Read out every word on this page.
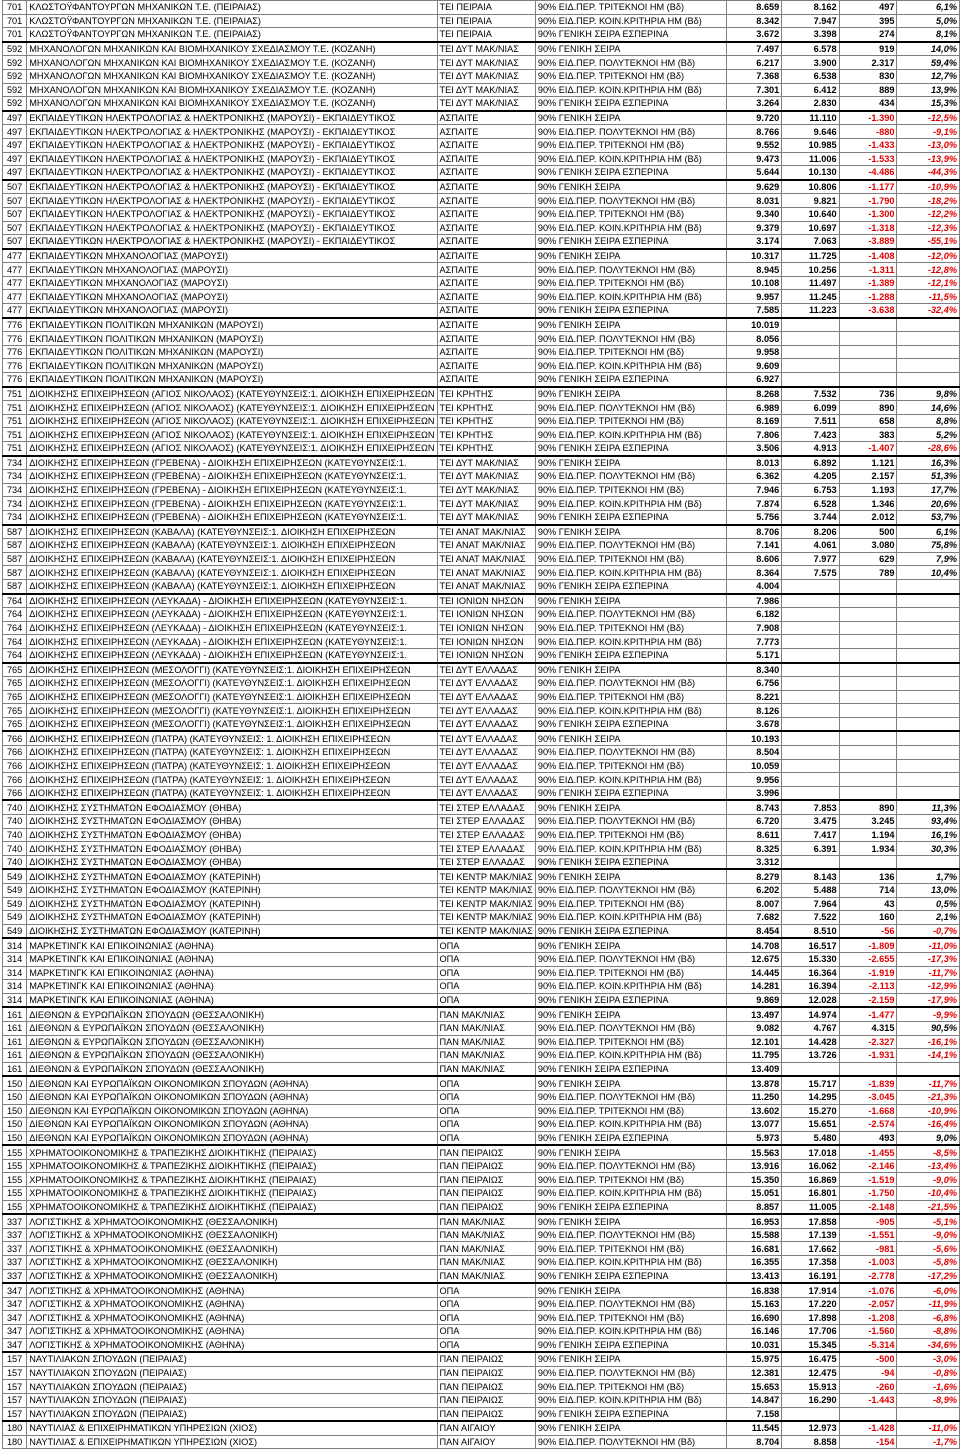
701	ΚΛΩΣΤΟΫΦΑΝΤΟΥΡΓΩΝ ΜΗΧΑΝΙΚΩΝ Τ.Ε. (ΠΕΙΡΑΙΑΣ)	ΤΕΙ ΠΕΙΡΑΙΑ	90% ΕΙΔ.ΠΕΡ. ΤΡΙΤΕΚΝΟΙ ΗΜ (Βδ)	8.659	8.162	497	6,1%
701	ΚΛΩΣΤΟΫΦΑΝΤΟΥΡΓΩΝ ΜΗΧΑΝΙΚΩΝ Τ.Ε. (ΠΕΙΡΑΙΑΣ)	ΤΕΙ ΠΕΙΡΑΙΑ	90% ΕΙΔ.ΠΕΡ. ΚΟΙΝ.ΚΡΙΤΗΡΙΑ ΗΜ (Βδ)	8.342	7.947	395	5,0%
701	ΚΛΩΣΤΟΫΦΑΝΤΟΥΡΓΩΝ ΜΗΧΑΝΙΚΩΝ Τ.Ε. (ΠΕΙΡΑΙΑΣ)	ΤΕΙ ΠΕΙΡΑΙΑ	90% ΓΕΝΙΚΗ ΣΕΙΡΑ ΕΣΠΕΡΙΝΑ	3.672	3.398	274	8,1%
592	ΜΗΧΑΝΟΛΟΓΩΝ ΜΗΧΑΝΙΚΩΝ ΚΑΙ ΒΙΟΜΗΧΑΝΙΚΟΥ ΣΧΕΔΙΑΣΜΟΥ Τ.Ε. (ΚΟΖΑΝΗ)	ΤΕΙ ΔΥΤ ΜΑΚ/ΝΙΑΣ	90% ΓΕΝΙΚΗ ΣΕΙΡΑ	7.497	6.578	919	14,0%
592	ΜΗΧΑΝΟΛΟΓΩΝ ΜΗΧΑΝΙΚΩΝ ΚΑΙ ΒΙΟΜΗΧΑΝΙΚΟΥ ΣΧΕΔΙΑΣΜΟΥ Τ.Ε. (ΚΟΖΑΝΗ)	ΤΕΙ ΔΥΤ ΜΑΚ/ΝΙΑΣ	90% ΕΙΔ.ΠΕΡ. ΠΟΛΥΤΕΚΝΟΙ ΗΜ (Βδ)	6.217	3.900	2.317	59,4%
592	ΜΗΧΑΝΟΛΟΓΩΝ ΜΗΧΑΝΙΚΩΝ ΚΑΙ ΒΙΟΜΗΧΑΝΙΚΟΥ ΣΧΕΔΙΑΣΜΟΥ Τ.Ε. (ΚΟΖΑΝΗ)	ΤΕΙ ΔΥΤ ΜΑΚ/ΝΙΑΣ	90% ΕΙΔ.ΠΕΡ. ΤΡΙΤΕΚΝΟΙ ΗΜ (Βδ)	7.368	6.538	830	12,7%
592	ΜΗΧΑΝΟΛΟΓΩΝ ΜΗΧΑΝΙΚΩΝ ΚΑΙ ΒΙΟΜΗΧΑΝΙΚΟΥ ΣΧΕΔΙΑΣΜΟΥ Τ.Ε. (ΚΟΖΑΝΗ)	ΤΕΙ ΔΥΤ ΜΑΚ/ΝΙΑΣ	90% ΕΙΔ.ΠΕΡ. ΚΟΙΝ.ΚΡΙΤΗΡΙΑ ΗΜ (Βδ)	7.301	6.412	889	13,9%
592	ΜΗΧΑΝΟΛΟΓΩΝ ΜΗΧΑΝΙΚΩΝ ΚΑΙ ΒΙΟΜΗΧΑΝΙΚΟΥ ΣΧΕΔΙΑΣΜΟΥ Τ.Ε. (ΚΟΖΑΝΗ)	ΤΕΙ ΔΥΤ ΜΑΚ/ΝΙΑΣ	90% ΓΕΝΙΚΗ ΣΕΙΡΑ ΕΣΠΕΡΙΝΑ	3.264	2.830	434	15,3%
497	ΕΚΠΑΙΔΕΥΤΙΚΩΝ ΗΛΕΚΤΡΟΛΟΓΙΑΣ & ΗΛΕΚΤΡΟΝΙΚΗΣ (ΜΑΡΟΥΣΙ) - ΕΚΠΑΙΔΕΥΤΙΚΟΣ	ΑΣΠΑΙΤΕ	90% ΓΕΝΙΚΗ ΣΕΙΡΑ	9.720	11.110	-1.390	-12,5%
497	ΕΚΠΑΙΔΕΥΤΙΚΩΝ ΗΛΕΚΤΡΟΛΟΓΙΑΣ & ΗΛΕΚΤΡΟΝΙΚΗΣ (ΜΑΡΟΥΣΙ) - ΕΚΠΑΙΔΕΥΤΙΚΟΣ	ΑΣΠΑΙΤΕ	90% ΕΙΔ.ΠΕΡ. ΠΟΛΥΤΕΚΝΟΙ ΗΜ (Βδ)	8.766	9.646	-880	-9,1%
497	ΕΚΠΑΙΔΕΥΤΙΚΩΝ ΗΛΕΚΤΡΟΛΟΓΙΑΣ & ΗΛΕΚΤΡΟΝΙΚΗΣ (ΜΑΡΟΥΣΙ) - ΕΚΠΑΙΔΕΥΤΙΚΟΣ	ΑΣΠΑΙΤΕ	90% ΕΙΔ.ΠΕΡ. ΤΡΙΤΕΚΝΟΙ ΗΜ (Βδ)	9.552	10.985	-1.433	-13,0%
497	ΕΚΠΑΙΔΕΥΤΙΚΩΝ ΗΛΕΚΤΡΟΛΟΓΙΑΣ & ΗΛΕΚΤΡΟΝΙΚΗΣ (ΜΑΡΟΥΣΙ) - ΕΚΠΑΙΔΕΥΤΙΚΟΣ	ΑΣΠΑΙΤΕ	90% ΕΙΔ.ΠΕΡ. ΚΟΙΝ.ΚΡΙΤΗΡΙΑ ΗΜ (Βδ)	9.473	11.006	-1.533	-13,9%
497	ΕΚΠΑΙΔΕΥΤΙΚΩΝ ΗΛΕΚΤΡΟΛΟΓΙΑΣ & ΗΛΕΚΤΡΟΝΙΚΗΣ (ΜΑΡΟΥΣΙ) - ΕΚΠΑΙΔΕΥΤΙΚΟΣ	ΑΣΠΑΙΤΕ	90% ΓΕΝΙΚΗ ΣΕΙΡΑ ΕΣΠΕΡΙΝΑ	5.644	10.130	-4.486	-44,3%
507	ΕΚΠΑΙΔΕΥΤΙΚΩΝ ΗΛΕΚΤΡΟΛΟΓΙΑΣ & ΗΛΕΚΤΡΟΝΙΚΗΣ (ΜΑΡΟΥΣΙ) - ΕΚΠΑΙΔΕΥΤΙΚΟΣ	ΑΣΠΑΙΤΕ	90% ΓΕΝΙΚΗ ΣΕΙΡΑ	9.629	10.806	-1.177	-10,9%
507	ΕΚΠΑΙΔΕΥΤΙΚΩΝ ΗΛΕΚΤΡΟΛΟΓΙΑΣ & ΗΛΕΚΤΡΟΝΙΚΗΣ (ΜΑΡΟΥΣΙ) - ΕΚΠΑΙΔΕΥΤΙΚΟΣ	ΑΣΠΑΙΤΕ	90% ΕΙΔ.ΠΕΡ. ΠΟΛΥΤΕΚΝΟΙ ΗΜ (Βδ)	8.031	9.821	-1.790	-18,2%
507	ΕΚΠΑΙΔΕΥΤΙΚΩΝ ΗΛΕΚΤΡΟΛΟΓΙΑΣ & ΗΛΕΚΤΡΟΝΙΚΗΣ (ΜΑΡΟΥΣΙ) - ΕΚΠΑΙΔΕΥΤΙΚΟΣ	ΑΣΠΑΙΤΕ	90% ΕΙΔ.ΠΕΡ. ΤΡΙΤΕΚΝΟΙ ΗΜ (Βδ)	9.340	10.640	-1.300	-12,2%
507	ΕΚΠΑΙΔΕΥΤΙΚΩΝ ΗΛΕΚΤΡΟΛΟΓΙΑΣ & ΗΛΕΚΤΡΟΝΙΚΗΣ (ΜΑΡΟΥΣΙ) - ΕΚΠΑΙΔΕΥΤΙΚΟΣ	ΑΣΠΑΙΤΕ	90% ΕΙΔ.ΠΕΡ. ΚΟΙΝ.ΚΡΙΤΗΡΙΑ ΗΜ (Βδ)	9.379	10.697	-1.318	-12,3%
507	ΕΚΠΑΙΔΕΥΤΙΚΩΝ ΗΛΕΚΤΡΟΛΟΓΙΑΣ & ΗΛΕΚΤΡΟΝΙΚΗΣ (ΜΑΡΟΥΣΙ) - ΕΚΠΑΙΔΕΥΤΙΚΟΣ	ΑΣΠΑΙΤΕ	90% ΓΕΝΙΚΗ ΣΕΙΡΑ ΕΣΠΕΡΙΝΑ	3.174	7.063	-3.889	-55,1%
477	ΕΚΠΑΙΔΕΥΤΙΚΩΝ ΜΗΧΑΝΟΛΟΓΙΑΣ (ΜΑΡΟΥΣΙ)	ΑΣΠΑΙΤΕ	90% ΓΕΝΙΚΗ ΣΕΙΡΑ	10.317	11.725	-1.408	-12,0%
477	ΕΚΠΑΙΔΕΥΤΙΚΩΝ ΜΗΧΑΝΟΛΟΓΙΑΣ (ΜΑΡΟΥΣΙ)	ΑΣΠΑΙΤΕ	90% ΕΙΔ.ΠΕΡ. ΠΟΛΥΤΕΚΝΟΙ ΗΜ (Βδ)	8.945	10.256	-1.311	-12,8%
477	ΕΚΠΑΙΔΕΥΤΙΚΩΝ ΜΗΧΑΝΟΛΟΓΙΑΣ (ΜΑΡΟΥΣΙ)	ΑΣΠΑΙΤΕ	90% ΕΙΔ.ΠΕΡ. ΤΡΙΤΕΚΝΟΙ ΗΜ (Βδ)	10.108	11.497	-1.389	-12,1%
477	ΕΚΠΑΙΔΕΥΤΙΚΩΝ ΜΗΧΑΝΟΛΟΓΙΑΣ (ΜΑΡΟΥΣΙ)	ΑΣΠΑΙΤΕ	90% ΕΙΔ.ΠΕΡ. ΚΟΙΝ.ΚΡΙΤΗΡΙΑ ΗΜ (Βδ)	9.957	11.245	-1.288	-11,5%
477	ΕΚΠΑΙΔΕΥΤΙΚΩΝ ΜΗΧΑΝΟΛΟΓΙΑΣ (ΜΑΡΟΥΣΙ)	ΑΣΠΑΙΤΕ	90% ΓΕΝΙΚΗ ΣΕΙΡΑ ΕΣΠΕΡΙΝΑ	7.585	11.223	-3.638	-32,4%
776	ΕΚΠΑΙΔΕΥΤΙΚΩΝ ΠΟΛΙΤΙΚΩΝ ΜΗΧΑΝΙΚΩΝ (ΜΑΡΟΥΣΙ)	ΑΣΠΑΙΤΕ	90% ΓΕΝΙΚΗ ΣΕΙΡΑ	10.019			
776	ΕΚΠΑΙΔΕΥΤΙΚΩΝ ΠΟΛΙΤΙΚΩΝ ΜΗΧΑΝΙΚΩΝ (ΜΑΡΟΥΣΙ)	ΑΣΠΑΙΤΕ	90% ΕΙΔ.ΠΕΡ. ΠΟΛΥΤΕΚΝΟΙ ΗΜ (Βδ)	8.056			
776	ΕΚΠΑΙΔΕΥΤΙΚΩΝ ΠΟΛΙΤΙΚΩΝ ΜΗΧΑΝΙΚΩΝ (ΜΑΡΟΥΣΙ)	ΑΣΠΑΙΤΕ	90% ΕΙΔ.ΠΕΡ. ΤΡΙΤΕΚΝΟΙ ΗΜ (Βδ)	9.958			
776	ΕΚΠΑΙΔΕΥΤΙΚΩΝ ΠΟΛΙΤΙΚΩΝ ΜΗΧΑΝΙΚΩΝ (ΜΑΡΟΥΣΙ)	ΑΣΠΑΙΤΕ	90% ΕΙΔ.ΠΕΡ. ΚΟΙΝ.ΚΡΙΤΗΡΙΑ ΗΜ (Βδ)	9.609			
776	ΕΚΠΑΙΔΕΥΤΙΚΩΝ ΠΟΛΙΤΙΚΩΝ ΜΗΧΑΝΙΚΩΝ (ΜΑΡΟΥΣΙ)	ΑΣΠΑΙΤΕ	90% ΓΕΝΙΚΗ ΣΕΙΡΑ ΕΣΠΕΡΙΝΑ	6.927			
751	ΔΙΟΙΚΗΣΗΣ ΕΠΙΧΕΙΡΗΣΕΩΝ (ΑΓΙΟΣ ΝΙΚΟΛΑΟΣ) (ΚΑΤΕΥΘΥΝΣΕΙΣ:1. ΔΙΟΙΚΗΣΗ ΕΠΙΧΕΙΡΗΣΕΩΝ	ΤΕΙ ΚΡΗΤΗΣ	90% ΓΕΝΙΚΗ ΣΕΙΡΑ	8.268	7.532	736	9,8%
751	ΔΙΟΙΚΗΣΗΣ ΕΠΙΧΕΙΡΗΣΕΩΝ (ΑΓΙΟΣ ΝΙΚΟΛΑΟΣ) (ΚΑΤΕΥΘΥΝΣΕΙΣ:1. ΔΙΟΙΚΗΣΗ ΕΠΙΧΕΙΡΗΣΕΩΝ	ΤΕΙ ΚΡΗΤΗΣ	90% ΕΙΔ.ΠΕΡ. ΠΟΛΥΤΕΚΝΟΙ ΗΜ (Βδ)	6.989	6.099	890	14,6%
751	ΔΙΟΙΚΗΣΗΣ ΕΠΙΧΕΙΡΗΣΕΩΝ (ΑΓΙΟΣ ΝΙΚΟΛΑΟΣ) (ΚΑΤΕΥΘΥΝΣΕΙΣ:1. ΔΙΟΙΚΗΣΗ ΕΠΙΧΕΙΡΗΣΕΩΝ	ΤΕΙ ΚΡΗΤΗΣ	90% ΕΙΔ.ΠΕΡ. ΤΡΙΤΕΚΝΟΙ ΗΜ (Βδ)	8.169	7.511	658	8,8%
751	ΔΙΟΙΚΗΣΗΣ ΕΠΙΧΕΙΡΗΣΕΩΝ (ΑΓΙΟΣ ΝΙΚΟΛΑΟΣ) (ΚΑΤΕΥΘΥΝΣΕΙΣ:1. ΔΙΟΙΚΗΣΗ ΕΠΙΧΕΙΡΗΣΕΩΝ	ΤΕΙ ΚΡΗΤΗΣ	90% ΕΙΔ.ΠΕΡ. ΚΟΙΝ.ΚΡΙΤΗΡΙΑ ΗΜ (Βδ)	7.806	7.423	383	5,2%
751	ΔΙΟΙΚΗΣΗΣ ΕΠΙΧΕΙΡΗΣΕΩΝ (ΑΓΙΟΣ ΝΙΚΟΛΑΟΣ) (ΚΑΤΕΥΘΥΝΣΕΙΣ:1. ΔΙΟΙΚΗΣΗ ΕΠΙΧΕΙΡΗΣΕΩΝ	ΤΕΙ ΚΡΗΤΗΣ	90% ΓΕΝΙΚΗ ΣΕΙΡΑ ΕΣΠΕΡΙΝΑ	3.506	4.913	-1.407	-28,6%
734	ΔΙΟΙΚΗΣΗΣ ΕΠΙΧΕΙΡΗΣΕΩΝ (ΓΡΕΒΕΝΑ) - ΔΙΟΙΚΗΣΗ ΕΠΙΧΕΙΡΗΣΕΩΝ (ΚΑΤΕΥΘΥΝΣΕΙΣ:1.	ΤΕΙ ΔΥΤ ΜΑΚ/ΝΙΑΣ	90% ΓΕΝΙΚΗ ΣΕΙΡΑ	8.013	6.892	1.121	16,3%
734	ΔΙΟΙΚΗΣΗΣ ΕΠΙΧΕΙΡΗΣΕΩΝ (ΓΡΕΒΕΝΑ) - ΔΙΟΙΚΗΣΗ ΕΠΙΧΕΙΡΗΣΕΩΝ (ΚΑΤΕΥΘΥΝΣΕΙΣ:1.	ΤΕΙ ΔΥΤ ΜΑΚ/ΝΙΑΣ	90% ΕΙΔ.ΠΕΡ. ΠΟΛΥΤΕΚΝΟΙ ΗΜ (Βδ)	6.362	4.205	2.157	51,3%
734	ΔΙΟΙΚΗΣΗΣ ΕΠΙΧΕΙΡΗΣΕΩΝ (ΓΡΕΒΕΝΑ) - ΔΙΟΙΚΗΣΗ ΕΠΙΧΕΙΡΗΣΕΩΝ (ΚΑΤΕΥΘΥΝΣΕΙΣ:1.	ΤΕΙ ΔΥΤ ΜΑΚ/ΝΙΑΣ	90% ΕΙΔ.ΠΕΡ. ΤΡΙΤΕΚΝΟΙ ΗΜ (Βδ)	7.946	6.753	1.193	17,7%
734	ΔΙΟΙΚΗΣΗΣ ΕΠΙΧΕΙΡΗΣΕΩΝ (ΓΡΕΒΕΝΑ) - ΔΙΟΙΚΗΣΗ ΕΠΙΧΕΙΡΗΣΕΩΝ (ΚΑΤΕΥΘΥΝΣΕΙΣ:1.	ΤΕΙ ΔΥΤ ΜΑΚ/ΝΙΑΣ	90% ΕΙΔ.ΠΕΡ. ΚΟΙΝ.ΚΡΙΤΗΡΙΑ ΗΜ (Βδ)	7.874	6.528	1.346	20,6%
734	ΔΙΟΙΚΗΣΗΣ ΕΠΙΧΕΙΡΗΣΕΩΝ (ΓΡΕΒΕΝΑ) - ΔΙΟΙΚΗΣΗ ΕΠΙΧΕΙΡΗΣΕΩΝ (ΚΑΤΕΥΘΥΝΣΕΙΣ:1.	ΤΕΙ ΔΥΤ ΜΑΚ/ΝΙΑΣ	90% ΓΕΝΙΚΗ ΣΕΙΡΑ ΕΣΠΕΡΙΝΑ	5.756	3.744	2.012	53,7%
587	ΔΙΟΙΚΗΣΗΣ ΕΠΙΧΕΙΡΗΣΕΩΝ (ΚΑΒΑΛΑ) (ΚΑΤΕΥΘΥΝΣΕΙΣ:1. ΔΙΟΙΚΗΣΗ ΕΠΙΧΕΙΡΗΣΕΩΝ	ΤΕΙ ΑΝΑΤ ΜΑΚ/ΝΙΑΣ	90% ΓΕΝΙΚΗ ΣΕΙΡΑ	8.706	8.206	500	6,1%
587	ΔΙΟΙΚΗΣΗΣ ΕΠΙΧΕΙΡΗΣΕΩΝ (ΚΑΒΑΛΑ) (ΚΑΤΕΥΘΥΝΣΕΙΣ:1. ΔΙΟΙΚΗΣΗ ΕΠΙΧΕΙΡΗΣΕΩΝ	ΤΕΙ ΑΝΑΤ ΜΑΚ/ΝΙΑΣ	90% ΕΙΔ.ΠΕΡ. ΠΟΛΥΤΕΚΝΟΙ ΗΜ (Βδ)	7.141	4.061	3.080	75,8%
587	ΔΙΟΙΚΗΣΗΣ ΕΠΙΧΕΙΡΗΣΕΩΝ (ΚΑΒΑΛΑ) (ΚΑΤΕΥΘΥΝΣΕΙΣ:1. ΔΙΟΙΚΗΣΗ ΕΠΙΧΕΙΡΗΣΕΩΝ	ΤΕΙ ΑΝΑΤ ΜΑΚ/ΝΙΑΣ	90% ΕΙΔ.ΠΕΡ. ΤΡΙΤΕΚΝΟΙ ΗΜ (Βδ)	8.606	7.977	629	7,9%
587	ΔΙΟΙΚΗΣΗΣ ΕΠΙΧΕΙΡΗΣΕΩΝ (ΚΑΒΑΛΑ) (ΚΑΤΕΥΘΥΝΣΕΙΣ:1. ΔΙΟΙΚΗΣΗ ΕΠΙΧΕΙΡΗΣΕΩΝ	ΤΕΙ ΑΝΑΤ ΜΑΚ/ΝΙΑΣ	90% ΕΙΔ.ΠΕΡ. ΚΟΙΝ.ΚΡΙΤΗΡΙΑ ΗΜ (Βδ)	8.364	7.575	789	10,4%
587	ΔΙΟΙΚΗΣΗΣ ΕΠΙΧΕΙΡΗΣΕΩΝ (ΚΑΒΑΛΑ) (ΚΑΤΕΥΘΥΝΣΕΙΣ:1. ΔΙΟΙΚΗΣΗ ΕΠΙΧΕΙΡΗΣΕΩΝ	ΤΕΙ ΑΝΑΤ ΜΑΚ/ΝΙΑΣ	90% ΓΕΝΙΚΗ ΣΕΙΡΑ ΕΣΠΕΡΙΝΑ	4.004			
764	ΔΙΟΙΚΗΣΗΣ ΕΠΙΧΕΙΡΗΣΕΩΝ (ΛΕΥΚΑΔΑ) - ΔΙΟΙΚΗΣΗ ΕΠΙΧΕΙΡΗΣΕΩΝ (ΚΑΤΕΥΘΥΝΣΕΙΣ:1.	ΤΕΙ ΙΟΝΙΩΝ ΝΗΣΩΝ	90% ΓΕΝΙΚΗ ΣΕΙΡΑ	7.986			
764	ΔΙΟΙΚΗΣΗΣ ΕΠΙΧΕΙΡΗΣΕΩΝ (ΛΕΥΚΑΔΑ) - ΔΙΟΙΚΗΣΗ ΕΠΙΧΕΙΡΗΣΕΩΝ (ΚΑΤΕΥΘΥΝΣΕΙΣ:1.	ΤΕΙ ΙΟΝΙΩΝ ΝΗΣΩΝ	90% ΕΙΔ.ΠΕΡ. ΠΟΛΥΤΕΚΝΟΙ ΗΜ (Βδ)	6.182			
764	ΔΙΟΙΚΗΣΗΣ ΕΠΙΧΕΙΡΗΣΕΩΝ (ΛΕΥΚΑΔΑ) - ΔΙΟΙΚΗΣΗ ΕΠΙΧΕΙΡΗΣΕΩΝ (ΚΑΤΕΥΘΥΝΣΕΙΣ:1.	ΤΕΙ ΙΟΝΙΩΝ ΝΗΣΩΝ	90% ΕΙΔ.ΠΕΡ. ΤΡΙΤΕΚΝΟΙ ΗΜ (Βδ)	7.908			
764	ΔΙΟΙΚΗΣΗΣ ΕΠΙΧΕΙΡΗΣΕΩΝ (ΛΕΥΚΑΔΑ) - ΔΙΟΙΚΗΣΗ ΕΠΙΧΕΙΡΗΣΕΩΝ (ΚΑΤΕΥΘΥΝΣΕΙΣ:1.	ΤΕΙ ΙΟΝΙΩΝ ΝΗΣΩΝ	90% ΕΙΔ.ΠΕΡ. ΚΟΙΝ.ΚΡΙΤΗΡΙΑ ΗΜ (Βδ)	7.773			
764	ΔΙΟΙΚΗΣΗΣ ΕΠΙΧΕΙΡΗΣΕΩΝ (ΛΕΥΚΑΔΑ) - ΔΙΟΙΚΗΣΗ ΕΠΙΧΕΙΡΗΣΕΩΝ (ΚΑΤΕΥΘΥΝΣΕΙΣ:1.	ΤΕΙ ΙΟΝΙΩΝ ΝΗΣΩΝ	90% ΓΕΝΙΚΗ ΣΕΙΡΑ ΕΣΠΕΡΙΝΑ	5.171			
765	ΔΙΟΙΚΗΣΗΣ ΕΠΙΧΕΙΡΗΣΕΩΝ (ΜΕΣΟΛΟΓΓΙ) (ΚΑΤΕΥΘΥΝΣΕΙΣ:1. ΔΙΟΙΚΗΣΗ ΕΠΙΧΕΙΡΗΣΕΩΝ	ΤΕΙ ΔΥΤ ΕΛΛΑΔΑΣ	90% ΓΕΝΙΚΗ ΣΕΙΡΑ	8.340			
765	ΔΙΟΙΚΗΣΗΣ ΕΠΙΧΕΙΡΗΣΕΩΝ (ΜΕΣΟΛΟΓΓΙ) (ΚΑΤΕΥΘΥΝΣΕΙΣ:1. ΔΙΟΙΚΗΣΗ ΕΠΙΧΕΙΡΗΣΕΩΝ	ΤΕΙ ΔΥΤ ΕΛΛΑΔΑΣ	90% ΕΙΔ.ΠΕΡ. ΠΟΛΥΤΕΚΝΟΙ ΗΜ (Βδ)	6.756			
765	ΔΙΟΙΚΗΣΗΣ ΕΠΙΧΕΙΡΗΣΕΩΝ (ΜΕΣΟΛΟΓΓΙ) (ΚΑΤΕΥΘΥΝΣΕΙΣ:1. ΔΙΟΙΚΗΣΗ ΕΠΙΧΕΙΡΗΣΕΩΝ	ΤΕΙ ΔΥΤ ΕΛΛΑΔΑΣ	90% ΕΙΔ.ΠΕΡ. ΤΡΙΤΕΚΝΟΙ ΗΜ (Βδ)	8.221			
765	ΔΙΟΙΚΗΣΗΣ ΕΠΙΧΕΙΡΗΣΕΩΝ (ΜΕΣΟΛΟΓΓΙ) (ΚΑΤΕΥΘΥΝΣΕΙΣ:1. ΔΙΟΙΚΗΣΗ ΕΠΙΧΕΙΡΗΣΕΩΝ	ΤΕΙ ΔΥΤ ΕΛΛΑΔΑΣ	90% ΕΙΔ.ΠΕΡ. ΚΟΙΝ.ΚΡΙΤΗΡΙΑ ΗΜ (Βδ)	8.126			
765	ΔΙΟΙΚΗΣΗΣ ΕΠΙΧΕΙΡΗΣΕΩΝ (ΜΕΣΟΛΟΓΓΙ) (ΚΑΤΕΥΘΥΝΣΕΙΣ:1. ΔΙΟΙΚΗΣΗ ΕΠΙΧΕΙΡΗΣΕΩΝ	ΤΕΙ ΔΥΤ ΕΛΛΑΔΑΣ	90% ΓΕΝΙΚΗ ΣΕΙΡΑ ΕΣΠΕΡΙΝΑ	3.678			
766	ΔΙΟΙΚΗΣΗΣ ΕΠΙΧΕΙΡΗΣΕΩΝ (ΠΑΤΡΑ) (ΚΑΤΕΥΘΥΝΣΕΙΣ: 1. ΔΙΟΙΚΗΣΗ ΕΠΙΧΕΙΡΗΣΕΩΝ	ΤΕΙ ΔΥΤ ΕΛΛΑΔΑΣ	90% ΓΕΝΙΚΗ ΣΕΙΡΑ	10.193			
766	ΔΙΟΙΚΗΣΗΣ ΕΠΙΧΕΙΡΗΣΕΩΝ (ΠΑΤΡΑ) (ΚΑΤΕΥΘΥΝΣΕΙΣ: 1. ΔΙΟΙΚΗΣΗ ΕΠΙΧΕΙΡΗΣΕΩΝ	ΤΕΙ ΔΥΤ ΕΛΛΑΔΑΣ	90% ΕΙΔ.ΠΕΡ. ΠΟΛΥΤΕΚΝΟΙ ΗΜ (Βδ)	8.504			
766	ΔΙΟΙΚΗΣΗΣ ΕΠΙΧΕΙΡΗΣΕΩΝ (ΠΑΤΡΑ) (ΚΑΤΕΥΘΥΝΣΕΙΣ: 1. ΔΙΟΙΚΗΣΗ ΕΠΙΧΕΙΡΗΣΕΩΝ	ΤΕΙ ΔΥΤ ΕΛΛΑΔΑΣ	90% ΕΙΔ.ΠΕΡ. ΤΡΙΤΕΚΝΟΙ ΗΜ (Βδ)	10.059			
766	ΔΙΟΙΚΗΣΗΣ ΕΠΙΧΕΙΡΗΣΕΩΝ (ΠΑΤΡΑ) (ΚΑΤΕΥΘΥΝΣΕΙΣ: 1. ΔΙΟΙΚΗΣΗ ΕΠΙΧΕΙΡΗΣΕΩΝ	ΤΕΙ ΔΥΤ ΕΛΛΑΔΑΣ	90% ΕΙΔ.ΠΕΡ. ΚΟΙΝ.ΚΡΙΤΗΡΙΑ ΗΜ (Βδ)	9.956			
766	ΔΙΟΙΚΗΣΗΣ ΕΠΙΧΕΙΡΗΣΕΩΝ (ΠΑΤΡΑ) (ΚΑΤΕΥΘΥΝΣΕΙΣ: 1. ΔΙΟΙΚΗΣΗ ΕΠΙΧΕΙΡΗΣΕΩΝ	ΤΕΙ ΔΥΤ ΕΛΛΑΔΑΣ	90% ΓΕΝΙΚΗ ΣΕΙΡΑ ΕΣΠΕΡΙΝΑ	3.996			
740	ΔΙΟΙΚΗΣΗΣ ΣΥΣΤΗΜΑΤΩΝ ΕΦΟΔΙΑΣΜΟΥ (ΘΗΒΑ)	ΤΕΙ ΣΤΕΡ ΕΛΛΑΔΑΣ	90% ΓΕΝΙΚΗ ΣΕΙΡΑ	8.743	7.853	890	11,3%
740	ΔΙΟΙΚΗΣΗΣ ΣΥΣΤΗΜΑΤΩΝ ΕΦΟΔΙΑΣΜΟΥ (ΘΗΒΑ)	ΤΕΙ ΣΤΕΡ ΕΛΛΑΔΑΣ	90% ΕΙΔ.ΠΕΡ. ΠΟΛΥΤΕΚΝΟΙ ΗΜ (Βδ)	6.720	3.475	3.245	93,4%
740	ΔΙΟΙΚΗΣΗΣ ΣΥΣΤΗΜΑΤΩΝ ΕΦΟΔΙΑΣΜΟΥ (ΘΗΒΑ)	ΤΕΙ ΣΤΕΡ ΕΛΛΑΔΑΣ	90% ΕΙΔ.ΠΕΡ. ΤΡΙΤΕΚΝΟΙ ΗΜ (Βδ)	8.611	7.417	1.194	16,1%
740	ΔΙΟΙΚΗΣΗΣ ΣΥΣΤΗΜΑΤΩΝ ΕΦΟΔΙΑΣΜΟΥ (ΘΗΒΑ)	ΤΕΙ ΣΤΕΡ ΕΛΛΑΔΑΣ	90% ΕΙΔ.ΠΕΡ. ΚΟΙΝ.ΚΡΙΤΗΡΙΑ ΗΜ (Βδ)	8.325	6.391	1.934	30,3%
740	ΔΙΟΙΚΗΣΗΣ ΣΥΣΤΗΜΑΤΩΝ ΕΦΟΔΙΑΣΜΟΥ (ΘΗΒΑ)	ΤΕΙ ΣΤΕΡ ΕΛΛΑΔΑΣ	90% ΓΕΝΙΚΗ ΣΕΙΡΑ ΕΣΠΕΡΙΝΑ	3.312			
549	ΔΙΟΙΚΗΣΗΣ ΣΥΣΤΗΜΑΤΩΝ ΕΦΟΔΙΑΣΜΟΥ (ΚΑΤΕΡΙΝΗ)	ΤΕΙ ΚΕΝΤΡ ΜΑΚ/ΝΙΑΣ	90% ΓΕΝΙΚΗ ΣΕΙΡΑ	8.279	8.143	136	1,7%
549	ΔΙΟΙΚΗΣΗΣ ΣΥΣΤΗΜΑΤΩΝ ΕΦΟΔΙΑΣΜΟΥ (ΚΑΤΕΡΙΝΗ)	ΤΕΙ ΚΕΝΤΡ ΜΑΚ/ΝΙΑΣ	90% ΕΙΔ.ΠΕΡ. ΠΟΛΥΤΕΚΝΟΙ ΗΜ (Βδ)	6.202	5.488	714	13,0%
549	ΔΙΟΙΚΗΣΗΣ ΣΥΣΤΗΜΑΤΩΝ ΕΦΟΔΙΑΣΜΟΥ (ΚΑΤΕΡΙΝΗ)	ΤΕΙ ΚΕΝΤΡ ΜΑΚ/ΝΙΑΣ	90% ΕΙΔ.ΠΕΡ. ΤΡΙΤΕΚΝΟΙ ΗΜ (Βδ)	8.007	7.964	43	0,5%
549	ΔΙΟΙΚΗΣΗΣ ΣΥΣΤΗΜΑΤΩΝ ΕΦΟΔΙΑΣΜΟΥ (ΚΑΤΕΡΙΝΗ)	ΤΕΙ ΚΕΝΤΡ ΜΑΚ/ΝΙΑΣ	90% ΕΙΔ.ΠΕΡ. ΚΟΙΝ.ΚΡΙΤΗΡΙΑ ΗΜ (Βδ)	7.682	7.522	160	2,1%
549	ΔΙΟΙΚΗΣΗΣ ΣΥΣΤΗΜΑΤΩΝ ΕΦΟΔΙΑΣΜΟΥ (ΚΑΤΕΡΙΝΗ)	ΤΕΙ ΚΕΝΤΡ ΜΑΚ/ΝΙΑΣ	90% ΓΕΝΙΚΗ ΣΕΙΡΑ ΕΣΠΕΡΙΝΑ	8.454	8.510	-56	-0,7%
314	ΜΑΡΚΕΤΙΝΓΚ ΚΑΙ ΕΠΙΚΟΙΝΩΝΙΑΣ (ΑΘΗΝΑ)	ΟΠΑ	90% ΓΕΝΙΚΗ ΣΕΙΡΑ	14.708	16.517	-1.809	-11,0%
314	ΜΑΡΚΕΤΙΝΓΚ ΚΑΙ ΕΠΙΚΟΙΝΩΝΙΑΣ (ΑΘΗΝΑ)	ΟΠΑ	90% ΕΙΔ.ΠΕΡ. ΠΟΛΥΤΕΚΝΟΙ ΗΜ (Βδ)	12.675	15.330	-2.655	-17,3%
314	ΜΑΡΚΕΤΙΝΓΚ ΚΑΙ ΕΠΙΚΟΙΝΩΝΙΑΣ (ΑΘΗΝΑ)	ΟΠΑ	90% ΕΙΔ.ΠΕΡ. ΤΡΙΤΕΚΝΟΙ ΗΜ (Βδ)	14.445	16.364	-1.919	-11,7%
314	ΜΑΡΚΕΤΙΝΓΚ ΚΑΙ ΕΠΙΚΟΙΝΩΝΙΑΣ (ΑΘΗΝΑ)	ΟΠΑ	90% ΕΙΔ.ΠΕΡ. ΚΟΙΝ.ΚΡΙΤΗΡΙΑ ΗΜ (Βδ)	14.281	16.394	-2.113	-12,9%
314	ΜΑΡΚΕΤΙΝΓΚ ΚΑΙ ΕΠΙΚΟΙΝΩΝΙΑΣ (ΑΘΗΝΑ)	ΟΠΑ	90% ΓΕΝΙΚΗ ΣΕΙΡΑ ΕΣΠΕΡΙΝΑ	9.869	12.028	-2.159	-17,9%
161	ΔΙΕΘΝΩΝ & ΕΥΡΩΠΑΪΚΩΝ ΣΠΟΥΔΩΝ (ΘΕΣΣΑΛΟΝΙΚΗ)	ΠΑΝ ΜΑΚ/ΝΙΑΣ	90% ΓΕΝΙΚΗ ΣΕΙΡΑ	13.497	14.974	-1.477	-9,9%
161	ΔΙΕΘΝΩΝ & ΕΥΡΩΠΑΪΚΩΝ ΣΠΟΥΔΩΝ (ΘΕΣΣΑΛΟΝΙΚΗ)	ΠΑΝ ΜΑΚ/ΝΙΑΣ	90% ΕΙΔ.ΠΕΡ. ΠΟΛΥΤΕΚΝΟΙ ΗΜ (Βδ)	9.082	4.767	4.315	90,5%
161	ΔΙΕΘΝΩΝ & ΕΥΡΩΠΑΪΚΩΝ ΣΠΟΥΔΩΝ (ΘΕΣΣΑΛΟΝΙΚΗ)	ΠΑΝ ΜΑΚ/ΝΙΑΣ	90% ΕΙΔ.ΠΕΡ. ΤΡΙΤΕΚΝΟΙ ΗΜ (Βδ)	12.101	14.428	-2.327	-16,1%
161	ΔΙΕΘΝΩΝ & ΕΥΡΩΠΑΪΚΩΝ ΣΠΟΥΔΩΝ (ΘΕΣΣΑΛΟΝΙΚΗ)	ΠΑΝ ΜΑΚ/ΝΙΑΣ	90% ΕΙΔ.ΠΕΡ. ΚΟΙΝ.ΚΡΙΤΗΡΙΑ ΗΜ (Βδ)	11.795	13.726	-1.931	-14,1%
161	ΔΙΕΘΝΩΝ & ΕΥΡΩΠΑΪΚΩΝ ΣΠΟΥΔΩΝ (ΘΕΣΣΑΛΟΝΙΚΗ)	ΠΑΝ ΜΑΚ/ΝΙΑΣ	90% ΓΕΝΙΚΗ ΣΕΙΡΑ ΕΣΠΕΡΙΝΑ	13.409			
150	ΔΙΕΘΝΩΝ ΚΑΙ ΕΥΡΩΠΑΪΚΩΝ ΟΙΚΟΝΟΜΙΚΩΝ ΣΠΟΥΔΩΝ (ΑΘΗΝΑ)	ΟΠΑ	90% ΓΕΝΙΚΗ ΣΕΙΡΑ	13.878	15.717	-1.839	-11,7%
150	ΔΙΕΘΝΩΝ ΚΑΙ ΕΥΡΩΠΑΪΚΩΝ ΟΙΚΟΝΟΜΙΚΩΝ ΣΠΟΥΔΩΝ (ΑΘΗΝΑ)	ΟΠΑ	90% ΕΙΔ.ΠΕΡ. ΠΟΛΥΤΕΚΝΟΙ ΗΜ (Βδ)	11.250	14.295	-3.045	-21,3%
150	ΔΙΕΘΝΩΝ ΚΑΙ ΕΥΡΩΠΑΪΚΩΝ ΟΙΚΟΝΟΜΙΚΩΝ ΣΠΟΥΔΩΝ (ΑΘΗΝΑ)	ΟΠΑ	90% ΕΙΔ.ΠΕΡ. ΤΡΙΤΕΚΝΟΙ ΗΜ (Βδ)	13.602	15.270	-1.668	-10,9%
150	ΔΙΕΘΝΩΝ ΚΑΙ ΕΥΡΩΠΑΪΚΩΝ ΟΙΚΟΝΟΜΙΚΩΝ ΣΠΟΥΔΩΝ (ΑΘΗΝΑ)	ΟΠΑ	90% ΕΙΔ.ΠΕΡ. ΚΟΙΝ.ΚΡΙΤΗΡΙΑ ΗΜ (Βδ)	13.077	15.651	-2.574	-16,4%
150	ΔΙΕΘΝΩΝ ΚΑΙ ΕΥΡΩΠΑΪΚΩΝ ΟΙΚΟΝΟΜΙΚΩΝ ΣΠΟΥΔΩΝ (ΑΘΗΝΑ)	ΟΠΑ	90% ΓΕΝΙΚΗ ΣΕΙΡΑ ΕΣΠΕΡΙΝΑ	5.973	5.480	493	9,0%
155	ΧΡΗΜΑΤΟΟΙΚΟΝΟΜΙΚΗΣ & ΤΡΑΠΕΖΙΚΗΣ ΔΙΟΙΚΗΤΙΚΗΣ (ΠΕΙΡΑΙΑΣ)	ΠΑΝ ΠΕΙΡΑΙΩΣ	90% ΓΕΝΙΚΗ ΣΕΙΡΑ	15.563	17.018	-1.455	-8,5%
155	ΧΡΗΜΑΤΟΟΙΚΟΝΟΜΙΚΗΣ & ΤΡΑΠΕΖΙΚΗΣ ΔΙΟΙΚΗΤΙΚΗΣ (ΠΕΙΡΑΙΑΣ)	ΠΑΝ ΠΕΙΡΑΙΩΣ	90% ΕΙΔ.ΠΕΡ. ΠΟΛΥΤΕΚΝΟΙ ΗΜ (Βδ)	13.916	16.062	-2.146	-13,4%
155	ΧΡΗΜΑΤΟΟΙΚΟΝΟΜΙΚΗΣ & ΤΡΑΠΕΖΙΚΗΣ ΔΙΟΙΚΗΤΙΚΗΣ (ΠΕΙΡΑΙΑΣ)	ΠΑΝ ΠΕΙΡΑΙΩΣ	90% ΕΙΔ.ΠΕΡ. ΤΡΙΤΕΚΝΟΙ ΗΜ (Βδ)	15.350	16.869	-1.519	-9,0%
155	ΧΡΗΜΑΤΟΟΙΚΟΝΟΜΙΚΗΣ & ΤΡΑΠΕΖΙΚΗΣ ΔΙΟΙΚΗΤΙΚΗΣ (ΠΕΙΡΑΙΑΣ)	ΠΑΝ ΠΕΙΡΑΙΩΣ	90% ΕΙΔ.ΠΕΡ. ΚΟΙΝ.ΚΡΙΤΗΡΙΑ ΗΜ (Βδ)	15.051	16.801	-1.750	-10,4%
155	ΧΡΗΜΑΤΟΟΙΚΟΝΟΜΙΚΗΣ & ΤΡΑΠΕΖΙΚΗΣ ΔΙΟΙΚΗΤΙΚΗΣ (ΠΕΙΡΑΙΑΣ)	ΠΑΝ ΠΕΙΡΑΙΩΣ	90% ΓΕΝΙΚΗ ΣΕΙΡΑ ΕΣΠΕΡΙΝΑ	8.857	11.005	-2.148	-21,5%
337	ΛΟΓΙΣΤΙΚΗΣ & ΧΡΗΜΑΤΟΟΙΚΟΝΟΜΙΚΗΣ (ΘΕΣΣΑΛΟΝΙΚΗ)	ΠΑΝ ΜΑΚ/ΝΙΑΣ	90% ΓΕΝΙΚΗ ΣΕΙΡΑ	16.953	17.858	-905	-5,1%
337	ΛΟΓΙΣΤΙΚΗΣ & ΧΡΗΜΑΤΟΟΙΚΟΝΟΜΙΚΗΣ (ΘΕΣΣΑΛΟΝΙΚΗ)	ΠΑΝ ΜΑΚ/ΝΙΑΣ	90% ΕΙΔ.ΠΕΡ. ΠΟΛΥΤΕΚΝΟΙ ΗΜ (Βδ)	15.588	17.139	-1.551	-9,0%
337	ΛΟΓΙΣΤΙΚΗΣ & ΧΡΗΜΑΤΟΟΙΚΟΝΟΜΙΚΗΣ (ΘΕΣΣΑΛΟΝΙΚΗ)	ΠΑΝ ΜΑΚ/ΝΙΑΣ	90% ΕΙΔ.ΠΕΡ. ΤΡΙΤΕΚΝΟΙ ΗΜ (Βδ)	16.681	17.662	-981	-5,6%
337	ΛΟΓΙΣΤΙΚΗΣ & ΧΡΗΜΑΤΟΟΙΚΟΝΟΜΙΚΗΣ (ΘΕΣΣΑΛΟΝΙΚΗ)	ΠΑΝ ΜΑΚ/ΝΙΑΣ	90% ΕΙΔ.ΠΕΡ. ΚΟΙΝ.ΚΡΙΤΗΡΙΑ ΗΜ (Βδ)	16.355	17.358	-1.003	-5,8%
337	ΛΟΓΙΣΤΙΚΗΣ & ΧΡΗΜΑΤΟΟΙΚΟΝΟΜΙΚΗΣ (ΘΕΣΣΑΛΟΝΙΚΗ)	ΠΑΝ ΜΑΚ/ΝΙΑΣ	90% ΓΕΝΙΚΗ ΣΕΙΡΑ ΕΣΠΕΡΙΝΑ	13.413	16.191	-2.778	-17,2%
347	ΛΟΓΙΣΤΙΚΗΣ & ΧΡΗΜΑΤΟΟΙΚΟΝΟΜΙΚΗΣ (ΑΘΗΝΑ)	ΟΠΑ	90% ΓΕΝΙΚΗ ΣΕΙΡΑ	16.838	17.914	-1.076	-6,0%
347	ΛΟΓΙΣΤΙΚΗΣ & ΧΡΗΜΑΤΟΟΙΚΟΝΟΜΙΚΗΣ (ΑΘΗΝΑ)	ΟΠΑ	90% ΕΙΔ.ΠΕΡ. ΠΟΛΥΤΕΚΝΟΙ ΗΜ (Βδ)	15.163	17.220	-2.057	-11,9%
347	ΛΟΓΙΣΤΙΚΗΣ & ΧΡΗΜΑΤΟΟΙΚΟΝΟΜΙΚΗΣ (ΑΘΗΝΑ)	ΟΠΑ	90% ΕΙΔ.ΠΕΡ. ΤΡΙΤΕΚΝΟΙ ΗΜ (Βδ)	16.690	17.898	-1.208	-6,8%
347	ΛΟΓΙΣΤΙΚΗΣ & ΧΡΗΜΑΤΟΟΙΚΟΝΟΜΙΚΗΣ (ΑΘΗΝΑ)	ΟΠΑ	90% ΕΙΔ.ΠΕΡ. ΚΟΙΝ.ΚΡΙΤΗΡΙΑ ΗΜ (Βδ)	16.146	17.706	-1.560	-8,8%
347	ΛΟΓΙΣΤΙΚΗΣ & ΧΡΗΜΑΤΟΟΙΚΟΝΟΜΙΚΗΣ (ΑΘΗΝΑ)	ΟΠΑ	90% ΓΕΝΙΚΗ ΣΕΙΡΑ ΕΣΠΕΡΙΝΑ	10.031	15.345	-5.314	-34,6%
157	ΝΑΥΤΙΛΙΑΚΩΝ ΣΠΟΥΔΩΝ (ΠΕΙΡΑΙΑΣ)	ΠΑΝ ΠΕΙΡΑΙΩΣ	90% ΓΕΝΙΚΗ ΣΕΙΡΑ	15.975	16.475	-500	-3,0%
157	ΝΑΥΤΙΛΙΑΚΩΝ ΣΠΟΥΔΩΝ (ΠΕΙΡΑΙΑΣ)	ΠΑΝ ΠΕΙΡΑΙΩΣ	90% ΕΙΔ.ΠΕΡ. ΠΟΛΥΤΕΚΝΟΙ ΗΜ (Βδ)	12.381	12.475	-94	-0,8%
157	ΝΑΥΤΙΛΙΑΚΩΝ ΣΠΟΥΔΩΝ (ΠΕΙΡΑΙΑΣ)	ΠΑΝ ΠΕΙΡΑΙΩΣ	90% ΕΙΔ.ΠΕΡ. ΤΡΙΤΕΚΝΟΙ ΗΜ (Βδ)	15.653	15.913	-260	-1,6%
157	ΝΑΥΤΙΛΙΑΚΩΝ ΣΠΟΥΔΩΝ (ΠΕΙΡΑΙΑΣ)	ΠΑΝ ΠΕΙΡΑΙΩΣ	90% ΕΙΔ.ΠΕΡ. ΚΟΙΝ.ΚΡΙΤΗΡΙΑ ΗΜ (Βδ)	14.847	16.290	-1.443	-8,9%
157	ΝΑΥΤΙΛΙΑΚΩΝ ΣΠΟΥΔΩΝ (ΠΕΙΡΑΙΑΣ)	ΠΑΝ ΠΕΙΡΑΙΩΣ	90% ΓΕΝΙΚΗ ΣΕΙΡΑ ΕΣΠΕΡΙΝΑ	7.158			
180	ΝΑΥΤΙΛΙΑΣ & ΕΠΙΧΕΙΡΗΜΑΤΙΚΩΝ ΥΠΗΡΕΣΙΩΝ (ΧΙΟΣ)	ΠΑΝ ΑΙΓΑΙΟΥ	90% ΓΕΝΙΚΗ ΣΕΙΡΑ	11.545	12.973	-1.428	-11,0%
180	ΝΑΥΤΙΛΙΑΣ & ΕΠΙΧΕΙΡΗΜΑΤΙΚΩΝ ΥΠΗΡΕΣΙΩΝ (ΧΙΟΣ)	ΠΑΝ ΑΙΓΑΙΟΥ	90% ΕΙΔ.ΠΕΡ. ΠΟΛΥΤΕΚΝΟΙ ΗΜ (Βδ)	8.704	8.858	-154	-1,7%
